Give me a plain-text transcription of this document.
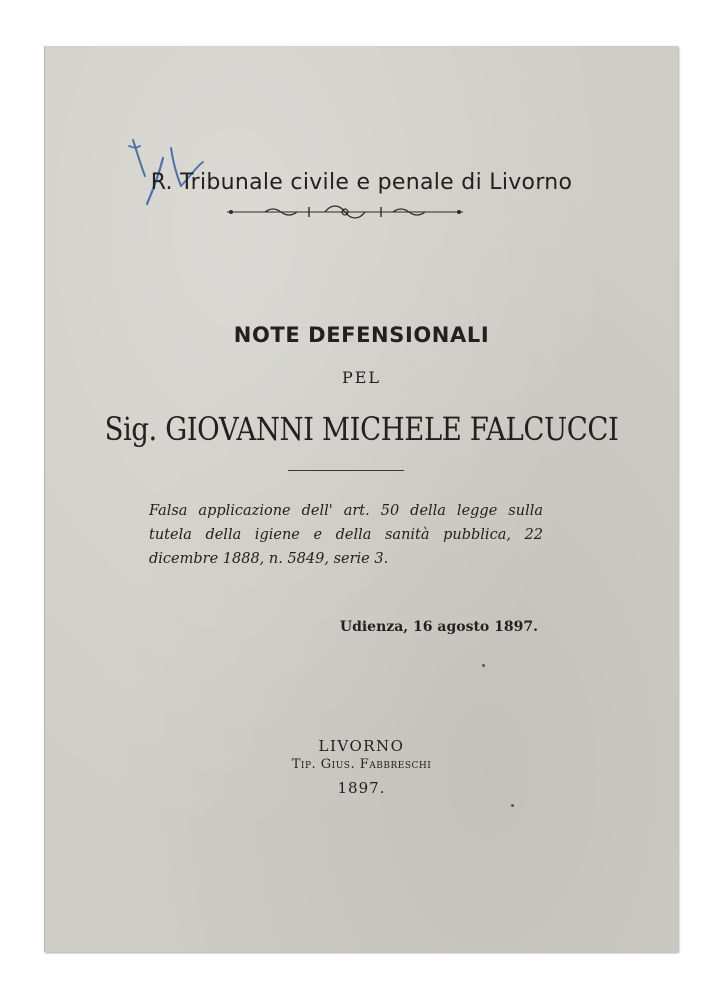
R. Tribunale civile e penale di Livorno
NOTE DEFENSIONALI
PEL
Sig. GIOVANNI MICHELE FALCUCCI
Falsa applicazione dell' art. 50 della legge sulla tutela della igiene e della sanità pubblica, 22 dicembre 1888, n. 5849, serie 3.
Udienza, 16 agosto 1897.
LIVORNO
Tip. Gius. Fabbreschi
1897.
